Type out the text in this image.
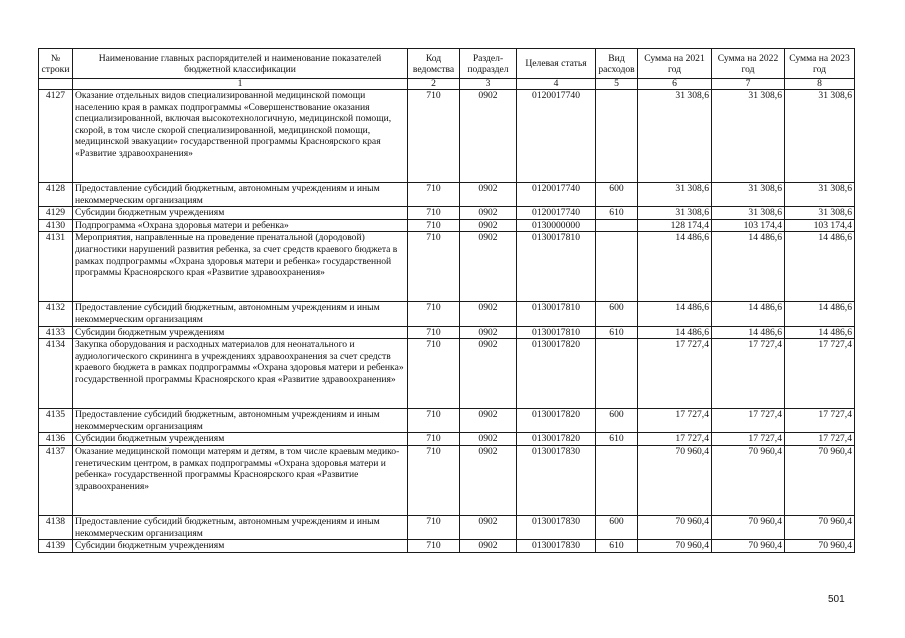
№ строки	Наименование главных распорядителей и наименование показателей бюджетной классификации	Код ведомства	Раздел-подраздел	Целевая статья	Вид расходов	Сумма на 2021 год	Сумма на 2022 год	Сумма на 2023 год
	1	2	3	4	5	6	7	8
4127	Оказание отдельных видов специализированной медицинской помощи населению края в рамках подпрограммы «Совершенствование оказания специализированной, включая высокотехнологичную, медицинской помощи, скорой, в том числе скорой специализированной, медицинской помощи, медицинской эвакуации» государственной программы Красноярского края «Развитие здравоохранения»	710	0902	0120017740		31 308,6	31 308,6	31 308,6
4128	Предоставление субсидий бюджетным, автономным учреждениям и иным некоммерческим организациям	710	0902	0120017740	600	31 308,6	31 308,6	31 308,6
4129	Субсидии бюджетным учреждениям	710	0902	0120017740	610	31 308,6	31 308,6	31 308,6
4130	Подпрограмма «Охрана здоровья матери и ребенка»	710	0902	0130000000		128 174,4	103 174,4	103 174,4
4131	Мероприятия, направленные на проведение пренатальной (дородовой) диагностики нарушений развития ребенка, за счет средств краевого бюджета в рамках подпрограммы «Охрана здоровья матери и ребенка» государственной программы Красноярского края «Развитие здравоохранения»	710	0902	0130017810		14 486,6	14 486,6	14 486,6
4132	Предоставление субсидий бюджетным, автономным учреждениям и иным некоммерческим организациям	710	0902	0130017810	600	14 486,6	14 486,6	14 486,6
4133	Субсидии бюджетным учреждениям	710	0902	0130017810	610	14 486,6	14 486,6	14 486,6
4134	Закупка оборудования и расходных материалов для неонатального и аудиологического скрининга в учреждениях здравоохранения за счет средств краевого бюджета в рамках подпрограммы «Охрана здоровья матери и ребенка» государственной программы Красноярского края «Развитие здравоохранения»	710	0902	0130017820		17 727,4	17 727,4	17 727,4
4135	Предоставление субсидий бюджетным, автономным учреждениям и иным некоммерческим организациям	710	0902	0130017820	600	17 727,4	17 727,4	17 727,4
4136	Субсидии бюджетным учреждениям	710	0902	0130017820	610	17 727,4	17 727,4	17 727,4
4137	Оказание медицинской помощи матерям и детям, в том числе краевым медико-генетическим центром, в рамках подпрограммы «Охрана здоровья матери и ребенка» государственной программы Красноярского края «Развитие здравоохранения»	710	0902	0130017830		70 960,4	70 960,4	70 960,4
4138	Предоставление субсидий бюджетным, автономным учреждениям и иным некоммерческим организациям	710	0902	0130017830	600	70 960,4	70 960,4	70 960,4
4139	Субсидии бюджетным учреждениям	710	0902	0130017830	610	70 960,4	70 960,4	70 960,4
501
